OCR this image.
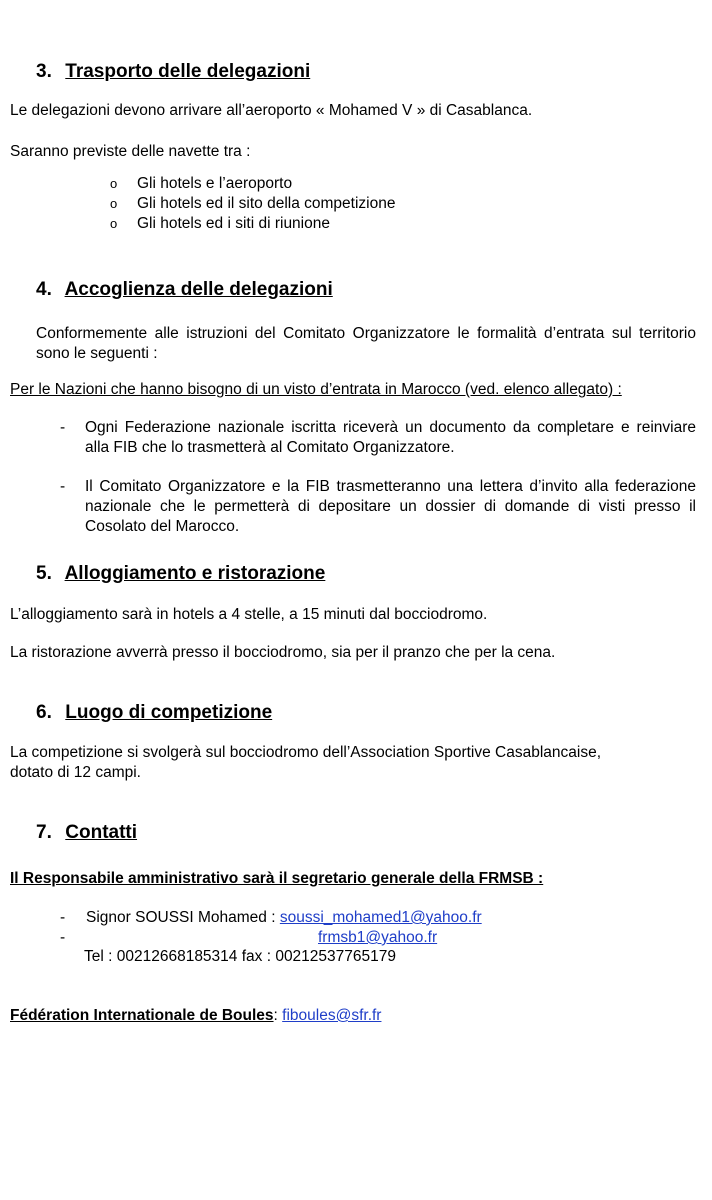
3. Trasporto delle delegazioni
Le delegazioni devono arrivare all’aeroporto « Mohamed V » di Casablanca.
Saranno previste delle navette tra :
o Gli hotels e l’aeroporto
o Gli hotels ed il sito della competizione
o Gli hotels ed i siti di riunione
4. Accoglienza delle delegazioni
Conformemente alle istruzioni del Comitato Organizzatore le formalità d’entrata sul territorio sono le seguenti :
Per le Nazioni che hanno bisogno di un visto d’entrata in Marocco (ved. elenco allegato) :
- Ogni Federazione nazionale iscritta riceverà un documento da completare e reinviare alla FIB che lo trasmetterà al Comitato Organizzatore.
- Il Comitato Organizzatore e la FIB trasmetteranno una lettera d’invito alla federazione nazionale che le permetterà di depositare un dossier di domande di visti presso il Cosolato del Marocco.
5. Alloggiamento e ristorazione
L’alloggiamento sarà in hotels a 4 stelle, a 15 minuti dal bocciodromo.
La ristorazione avverrà presso il bocciodromo, sia per il pranzo che per la cena.
6. Luogo di competizione
La competizione si svolgerà sul bocciodromo dell’Association Sportive Casablancaise,
dotato di 12 campi.
7. Contatti
Il Responsabile amministrativo sarà il segretario generale della FRMSB :
- Signor SOUSSI Mohamed : soussi_mohamed1@yahoo.fr
-	frmsb1@yahoo.fr
Tel : 00212668185314 fax : 00212537765179
Fédération Internationale de Boules: fiboules@sfr.fr
